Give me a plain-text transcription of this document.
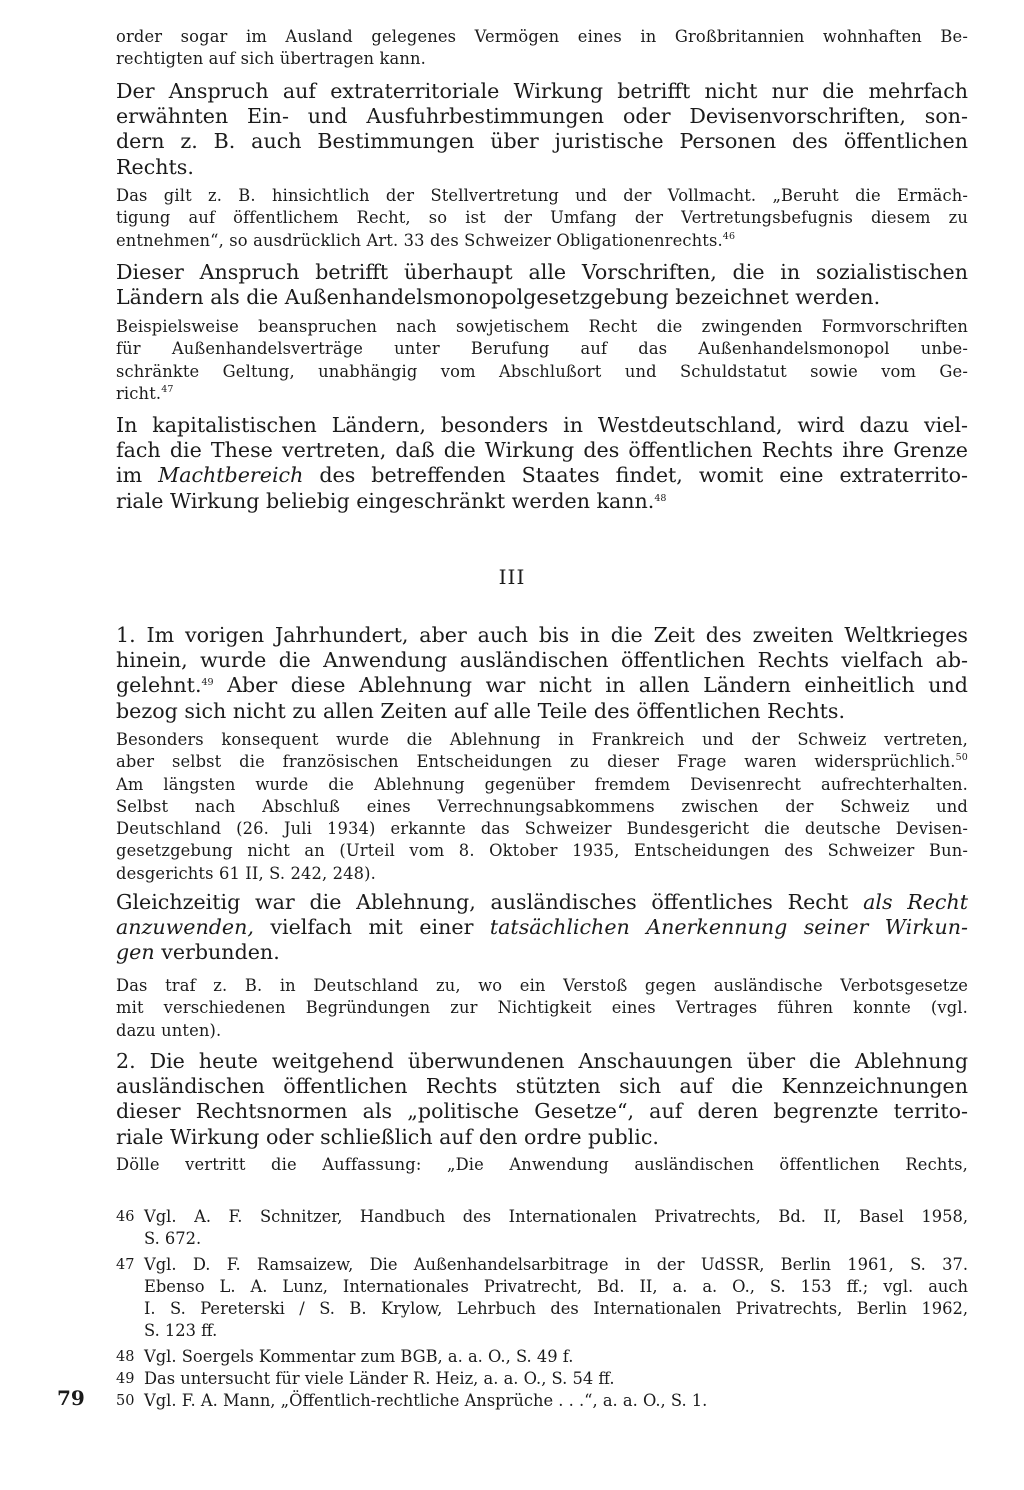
order sogar im Ausland gelegenes Vermögen eines in Großbritannien wohnhaften Be-
rechtigten auf sich übertragen kann.
Der Anspruch auf extraterritoriale Wirkung betrifft nicht nur die mehrfach
erwähnten Ein- und Ausfuhrbestimmungen oder Devisenvorschriften, son-
dern z. B. auch Bestimmungen über juristische Personen des öffentlichen
Rechts.
Das gilt z. B. hinsichtlich der Stellvertretung und der Vollmacht. „Beruht die Ermäch-
tigung auf öffentlichem Recht, so ist der Umfang der Vertretungsbefugnis diesem zu
entnehmen“, so ausdrücklich Art. 33 des Schweizer Obligationenrechts.$^{46}$
Dieser Anspruch betrifft überhaupt alle Vorschriften, die in sozialistischen
Ländern als die Außenhandelsmonopolgesetzgebung bezeichnet werden.
Beispielsweise beanspruchen nach sowjetischem Recht die zwingenden Formvorschriften
für Außenhandelsverträge unter Berufung auf das Außenhandelsmonopol unbe-
schränkte Geltung, unabhängig vom Abschlußort und Schuldstatut sowie vom Ge-
richt.$^{47}$
In kapitalistischen Ländern, besonders in Westdeutschland, wird dazu viel-
fach die These vertreten, daß die Wirkung des öffentlichen Rechts ihre Grenze
im Machtbereich des betreffenden Staates findet, womit eine extraterrito-
riale Wirkung beliebig eingeschränkt werden kann.$^{48}$
III
1. Im vorigen Jahrhundert, aber auch bis in die Zeit des zweiten Weltkrieges
hinein, wurde die Anwendung ausländischen öffentlichen Rechts vielfach ab-
gelehnt.$^{49}$ Aber diese Ablehnung war nicht in allen Ländern einheitlich und
bezog sich nicht zu allen Zeiten auf alle Teile des öffentlichen Rechts.
Besonders konsequent wurde die Ablehnung in Frankreich und der Schweiz vertreten,
aber selbst die französischen Entscheidungen zu dieser Frage waren widersprüchlich.$^{50}$
Am längsten wurde die Ablehnung gegenüber fremdem Devisenrecht aufrechterhalten.
Selbst nach Abschluß eines Verrechnungsabkommens zwischen der Schweiz und
Deutschland (26. Juli 1934) erkannte das Schweizer Bundesgericht die deutsche Devisen-
gesetzgebung nicht an (Urteil vom 8. Oktober 1935, Entscheidungen des Schweizer Bun-
desgerichts 61 II, S. 242, 248).
Gleichzeitig war die Ablehnung, ausländisches öffentliches Recht als Recht
anzuwenden, vielfach mit einer tatsächlichen Anerkennung seiner Wirkun-
gen verbunden.
Das traf z. B. in Deutschland zu, wo ein Verstoß gegen ausländische Verbotsgesetze
mit verschiedenen Begründungen zur Nichtigkeit eines Vertrages führen konnte (vgl.
dazu unten).
2. Die heute weitgehend überwundenen Anschauungen über die Ablehnung
ausländischen öffentlichen Rechts stützten sich auf die Kennzeichnungen
dieser Rechtsnormen als „politische Gesetze“, auf deren begrenzte territo-
riale Wirkung oder schließlich auf den ordre public.
Dölle vertritt die Auffassung: „Die Anwendung ausländischen öffentlichen Rechts,
46 Vgl. A. F. Schnitzer, Handbuch des Internationalen Privatrechts, Bd. II, Basel 1958,
S. 672.
47 Vgl. D. F. Ramsaizew, Die Außenhandelsarbitrage in der UdSSR, Berlin 1961, S. 37.
Ebenso L. A. Lunz, Internationales Privatrecht, Bd. II, a. a. O., S. 153 ff.; vgl. auch
I. S. Pereterski / S. B. Krylow, Lehrbuch des Internationalen Privatrechts, Berlin 1962,
S. 123 ff.
48 Vgl. Soergels Kommentar zum BGB, a. a. O., S. 49 f.
49 Das untersucht für viele Länder R. Heiz, a. a. O., S. 54 ff.
50 Vgl. F. A. Mann, „Öffentlich-rechtliche Ansprüche . . .“, a. a. O., S. 1.
79
